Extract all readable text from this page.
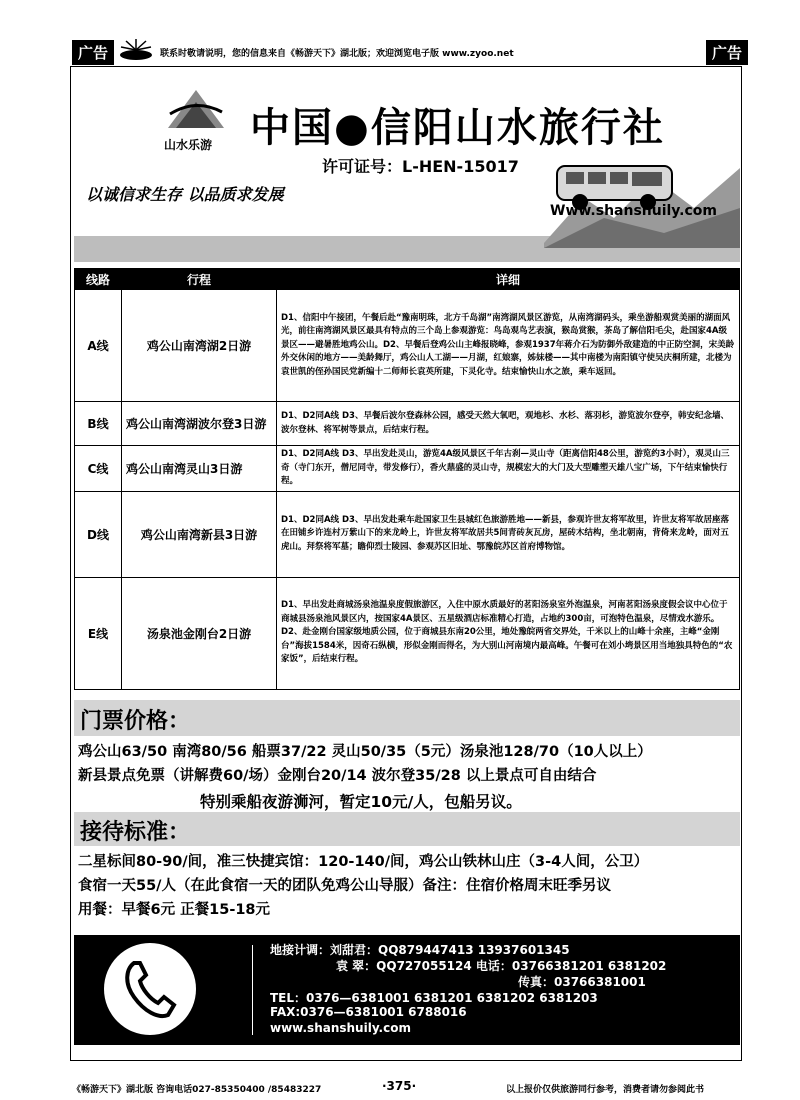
广告	联系时敬请说明，您的信息来自《畅游天下》湖北版；欢迎浏览电子版 www.zyoo.net	广告
山水乐游 中国●信阳山水旅行社
许可证号：L-HEN-15017
以诚信求生存 以品质求发展
Www.shanshuily.com
线路	行程	详细
A线	鸡公山南湾湖2日游	D1、信阳中午接团，午餐后赴“豫南明珠，北方千岛湖”南湾湖风景区游览，从南湾湖码头，乘坐游船观赏美丽的湖面风光，前往南湾湖风景区最具有特点的三个岛上参观游览：鸟岛观鸟艺表演，猴岛赏猴，茶岛了解信阳毛尖，赴国家4A级景区——避暑胜地鸡公山。D2、早餐后登鸡公山主峰报晓峰，参观1937年蒋介石为防御外敌建造的中正防空洞，宋美龄外交休闲的地方——美龄舞厅，鸡公山人工湖——月湖，红娘寨，姊妹楼——其中南楼为南阳镇守使吴庆桐所建，北楼为袁世凯的侄孙国民党新编十二师师长袁英所建，下灵化寺。结束愉快山水之旅，乘车返回。
B线	鸡公山南湾湖波尔登3日游	D1、D2同A线 D3、早餐后波尔登森林公园，感受天然大氧吧，观地杉、水杉、落羽杉，游览波尔登亭，韩安纪念墙、波尔登林、将军树等景点，后结束行程。
C线	鸡公山南湾灵山3日游	D1、D2同A线 D3、早出发赴灵山，游览4A级风景区千年古刹—灵山寺（距离信阳48公里，游览约3小时），观灵山三奇（寺门东开，僧尼同寺，带发修行），香火鼎盛的灵山寺，规模宏大的大门及大型雕塑天雄八宝广场，下午结束愉快行程。
D线	鸡公山南湾新县3日游	D1、D2同A线 D3、早出发赴乘车赴国家卫生县城红色旅游胜地——新县，参观许世友将军故里，许世友将军故居座落在田铺乡许连村万紫山下的来龙岭上，许世友将军故居共5间青砖灰瓦房，屋砖木结构，坐北朝南，背倚来龙岭，面对五虎山。拜祭将军墓；瞻仰烈士陵园、参观苏区旧址、鄂豫皖苏区首府博物馆。
E线	汤泉池金刚台2日游	D1、早出发赴商城汤泉池温泉度假旅游区，入住中原水质最好的茗阳汤泉室外泡温泉，河南茗阳汤泉度假会议中心位于商城县汤泉池风景区内，按国家4A景区、五星级酒店标准精心打造，占地约300亩，可泡特色温泉，尽情戏水游乐。D2、赴金刚台国家级地质公园，位于商城县东南20公里，地处豫皖两省交界处，千米以上的山峰十余座，主峰“金刚台”海拔1584米，因奇石纵横，形似金刚而得名，为大别山河南境内最高峰。午餐可在刘小塆景区用当地独具特色的“农家饭”，后结束行程。
门票价格：
鸡公山63/50 南湾80/56 船票37/22 灵山50/35（5元）汤泉池128/70（10人以上）
新县景点免票（讲解费60/场）金刚台20/14 波尔登35/28 以上景点可自由结合
特别乘船夜游浉河，暂定10元/人，包船另议。
接待标准：
二星标间80-90/间，准三快捷宾馆：120-140/间，鸡公山铁林山庄（3-4人间，公卫）
食宿一天55/人（在此食宿一天的团队免鸡公山导服）备注：住宿价格周末旺季另议
用餐：早餐6元 正餐15-18元
地接计调：刘甜君：QQ879447413 13937601345
袁 翠：QQ727055124 电话：03766381201 6381202
传真：03766381001
TEL：0376—6381001 6381201 6381202 6381203
FAX:0376—6381001 6788016
www.shanshuily.com
《畅游天下》湖北版 咨询电话027-85350400 /85483227	·375·	以上报价仅供旅游同行参考，消费者请勿参阅此书
